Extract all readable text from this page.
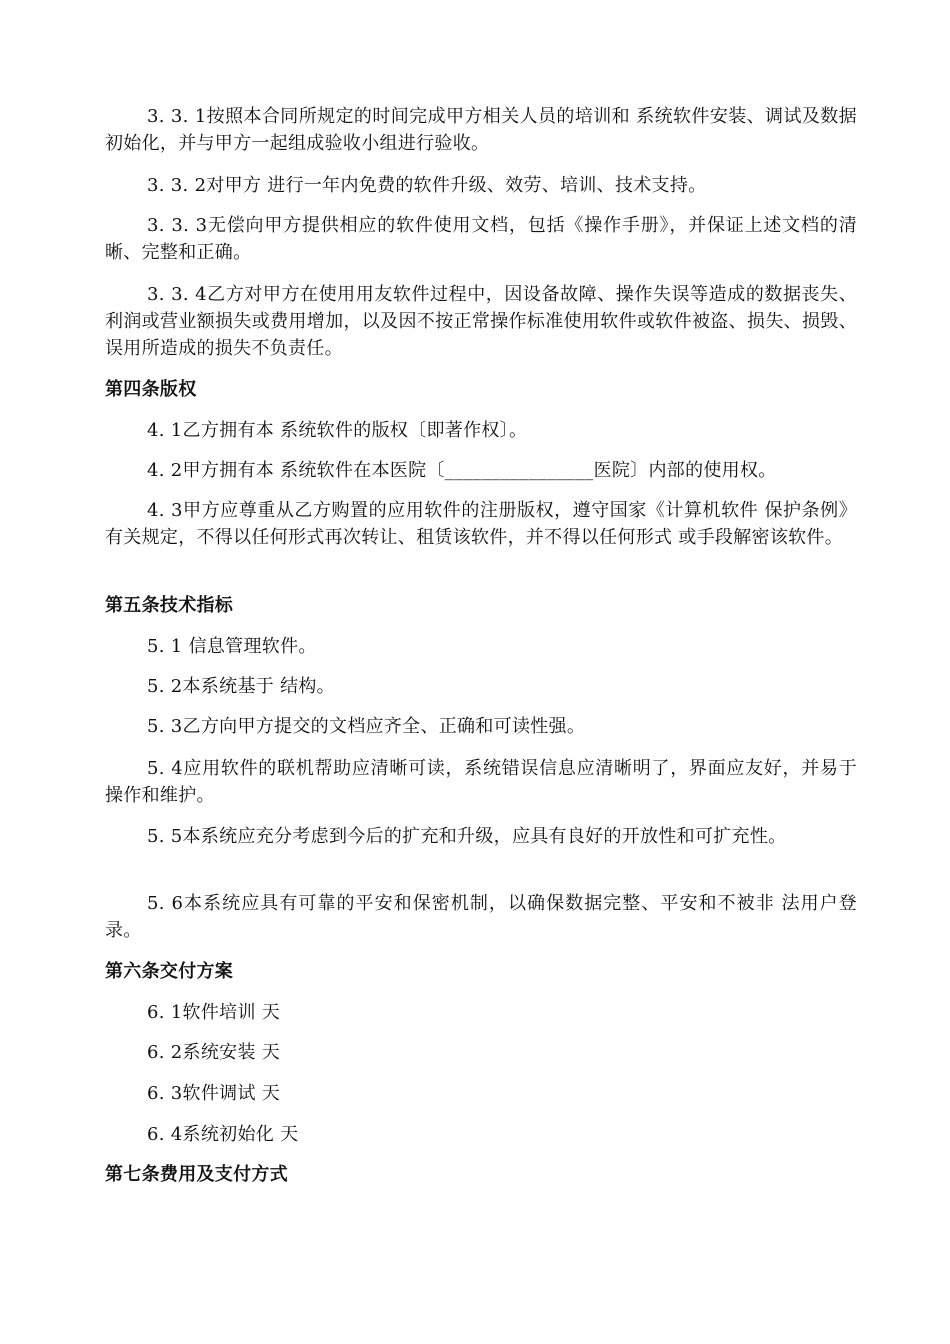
3. 3. 1按照本合同所规定的时间完成甲方相关人员的培训和 系统软件安装、调试及数据初始化，并与甲方一起组成验收小组进行验收。

3. 3. 2对甲方 进行一年内免费的软件升级、效劳、培训、技术支持。

3. 3. 3无偿向甲方提供相应的软件使用文档，包括《操作手册》，并保证上述文档的清晰、完整和正确。

3. 3. 4乙方对甲方在使用用友软件过程中，因设备故障、操作失误等造成的数据丧失、利润或营业额损失或费用增加，以及因不按正常操作标准使用软件或软件被盗、损失、损毁、误用所造成的损失不负责任。

第四条版权

4. 1乙方拥有本 系统软件的版权〔即著作权〕。

4. 2甲方拥有本 系统软件在本医院〔________________医院〕内部的使用权。

4. 3甲方应尊重从乙方购置的应用软件的注册版权，遵守国家《计算机软件 保护条例》有关规定，不得以任何形式再次转让、租赁该软件，并不得以任何形式 或手段解密该软件。

第五条技术指标

5. 1 信息管理软件。

5. 2本系统基于 结构。

5. 3乙方向甲方提交的文档应齐全、正确和可读性强。

5. 4应用软件的联机帮助应清晰可读，系统错误信息应清晰明了，界面应友好，并易于操作和维护。

5. 5本系统应充分考虑到今后的扩充和升级，应具有良好的开放性和可扩充性。

5. 6本系统应具有可靠的平安和保密机制，以确保数据完整、平安和不被非 法用户登录。

第六条交付方案

6. 1软件培训 天

6. 2系统安装 天

6. 3软件调试 天

6. 4系统初始化 天

第七条费用及支付方式
